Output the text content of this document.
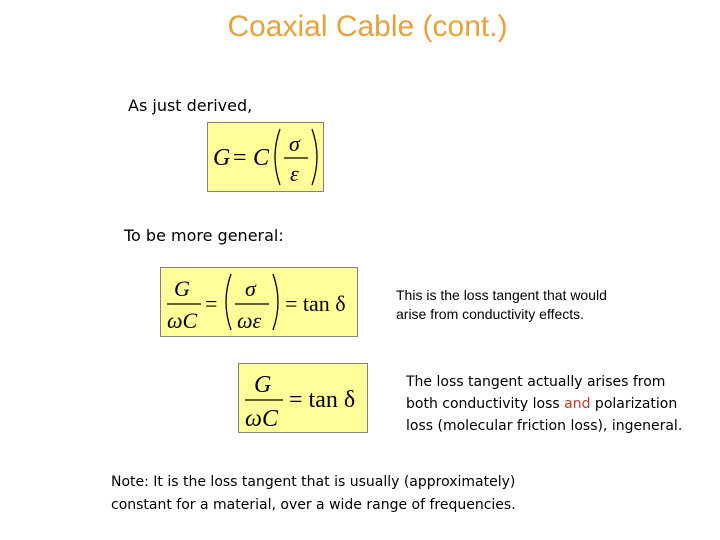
Coaxial Cable (cont.)
As just derived,
G = C
σ
ε
To be more general:
G
ωC
=
σ
ωε
= tan δ	This is the loss tangent that would
arise from conductivity effects.
G
ωC
= tan δ
The loss tangent actually arises from
both conductivity loss and polarization
loss (molecular friction loss), ingeneral.
Note: It is the loss tangent that is usually (approximately)
constant for a material, over a wide range of frequencies.
